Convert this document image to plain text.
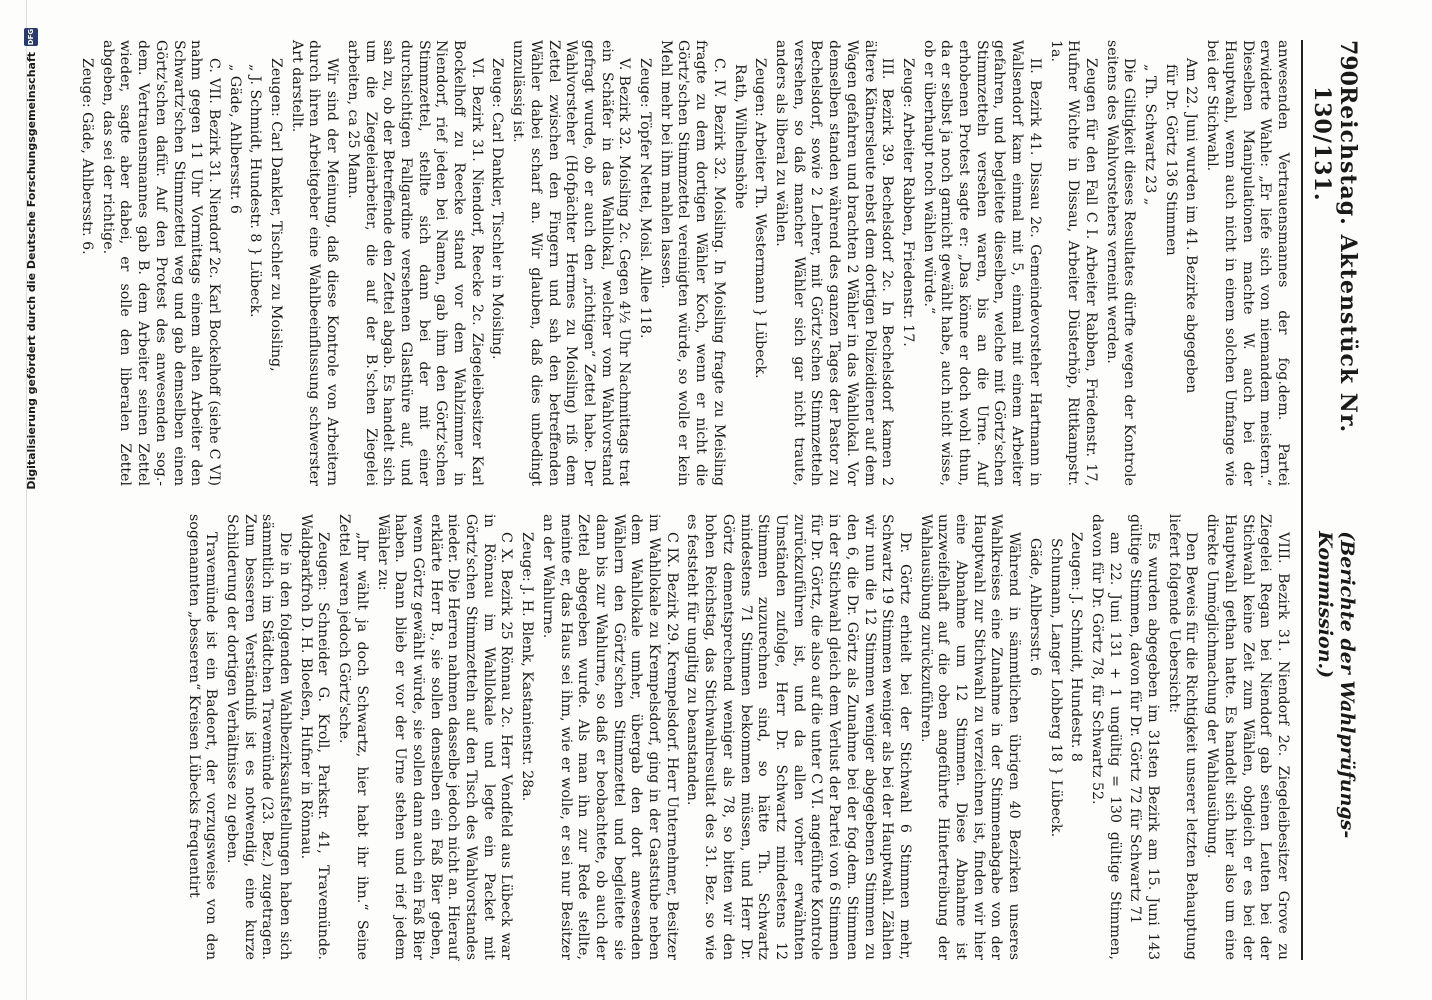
Digitalisierung gefördert durch die Deutsche Forschungsgemeinschaft
DFG
790
Reichstag. Aktenstück Nr. 130/131.
(Berichte der Wahlprüfungs-Kommission.)

anwesenden Vertrauensmannes der fog.dem. Partei erwiderte Wahle: „Er liefe sich von niemandem meistern.“ Dieselben Manipulationen machte W. auch bei der Hauptwahl, wenn auch nicht in einem solchen Umfange wie bei der Stichwahl.

Am 22. Juni wurden im 41. Bezirke abgegeben

für Dr. Görtz 136 Stimmen

„ Th. Schwartz 23 „

Die Giltigkeit dieses Resultates dürfte wegen der Kontrole seitens des Wahlvorstehers verneint werden.

Zeugen für den Fall C I. Arbeiter Rabben, Friedenstr. 17, Hufner Wichte in Dissau, Arbeiter Düsterhöp, Rittkampstr. 1a.

II. Bezirk 41. Dissau 2c. Gemeindevorsteher Hartmann in Wallsendorf kam einmal mit 5, einmal mit einem Arbeiter gefahren, und begleitete dieselben, welche mit Görtz'schen Stimmzetteln versehen waren, bis an die Urne. Auf erhobenen Protest sagte er: „Das könne er doch wohl thun, da er selbst ja noch garnicht gewählt habe, auch nicht wisse, ob er überhaupt noch wählen würde.“

Zeuge: Arbeiter Rabben, Friedenstr. 17.

III. Bezirk 39. Bechelsdorf 2c. In Bechelsdorf kamen 2 ältere Kätnersleute nebst dem dortigen Polizeidiener auf dem Wagen gefahren und brachten 2 Wähler in das Wahllokal. Vor demselben standen während des ganzen Tages der Pastor zu Bechelsdorf, sowie 2 Lehrer, mit Görtz'schen Stimmzetteln versehen, so daß mancher Wähler sich gar nicht traute, anders als liberal zu wählen.

Zeugen: Arbeiter Th. Westermann } Lübeck.

Rath, Wilhelmshöhe

C. IV. Bezirk 32. Moisling. In Moisling fragte zu Meisling fragte zu dem dortigen Wähler Koch, wenn er nicht die Görtz'schen Stimmzettel vereinigten würde, so wolle er kein Mehl mehr bei ihm mahlen lassen.

Zeuge: Töpfer Nettel, Moisl. Allee 118.

V. Bezirk 32. Moisling 2c. Gegen 4½ Uhr Nachmittags trat ein Schäfer in das Wahllokal, welcher vom Wahlvorstand gefragt wurde, ob er auch den „richtigen“ Zettel habe. Der Wahlvorsteher (Hofpächter Hermes zu Moisling) riß dem Zettel zwischen den Fingern und sah den betreffenden Wähler dabei scharf an. Wir glauben, daß dies unbedingt unzulässig ist.

Zeuge: Carl Dankler, Tischler in Moisling.

VI. Bezirk 31. Niendorf, Reecke 2c. Ziegeleibesitzer Karl Bockelhoff zu Reecke stand vor dem Wahlzimmer in Niendorf, rief jeden bei Namen, gab ihm den Görtz'schen Stimmzettel, stellte sich dann bei der mit einer durchsichtigen Fallgardine versehenen Glasthüre auf, und sah zu, ob der Betreffende den Zettel abgab. Es handelt sich um die Ziegeleiarbeiter, die auf der B.'schen Ziegelei arbeiten, ca 25 Mann.

Wir sind der Meinung, daß diese Kontrole von Arbeitern durch ihren Arbeitgeber eine Wahlbeeinflussung schwerster Art darstellt.

Zeugen: Carl Dankler, Tischler zu Moisling,

„ J. Schmidt, Hundestr. 8 } Lübeck.

„ Gäde, Ahlbersstr. 6

C. VII. Bezirk 31. Niendorf 2c. Karl Bockelhoff (siehe C VI) nahm gegen 11 Uhr Vormittags einem alten Arbeiter den Schwartz'schen Stimmzettel weg und gab demselben einen Görtz'schen dafür. Auf den Protest des anwesenden sog.-dem. Vertrauensmannes gab B. dem Arbeiter seinen Zettel wieder, sagte aber dabei, er solle den liberalen Zettel abgeben, das sei der richtige.

Zeuge: Gäde, Ahlbersstr. 6.

VIII. Bezirk 31. Niendorf 2c. Ziegeleibesitzer Grove zu Ziegelei Regan bei Niendorf gab seinen Leuten bei der Stichwahl keine Zeit zum Wählen, obgleich er es bei der Hauptwahl gethan hatte. Es handelt sich hier also um eine direkte Unmöglichmachung der Wahlausübung.

Den Beweis für die Richtigkeit unserer letzten Behauptung liefert folgende Uebersicht:

Es wurden abgegeben im 31sten Bezirk am 15. Juni 143 gültige Stimmen, davon für Dr. Görtz 72 für Schwartz 71

am 22. Juni 131 + 1 ungültig = 130 gültige Stimmen, davon für Dr. Görtz 78, für Schwartz 52.

Zeugen: J. Schmidt, Hundestr. 8

Schumann, Langer Lohberg 18 } Lübeck.

Gäde, Ahlbersstr. 6

Während in sämmtlichen übrigen 40 Bezirken unseres Wahlkreises eine Zunahme in der Stimmenabgabe von der Hauptwahl zur Stichwahl zu verzeichnen ist, finden wir hier eine Abnahme um 12 Stimmen. Diese Abnahme ist unzweifelhaft auf die oben angeführte Hintertreibung der Wahlausübung zurückzuführen.

Dr. Görtz erhielt bei der Stichwahl 6 Stimmen mehr, Schwartz 19 Stimmen weniger als bei der Hauptwahl. Zählen wir nun die 12 Stimmen weniger abgegebenen Stimmen zu den 6, die Dr. Görtz als Zunahme bei der fog.dem. Stimmen in der Stichwahl gleich dem Verlust der Partei von 6 Stimmen für Dr. Görtz, die also auf die unter C VI. angeführte Kontrole zurückzuführen ist, und da allen vorher erwähnten Umständen zufolge, Herr Dr. Schwartz mindestens 12 Stimmen zuzurechnen sind, so hätte Th. Schwartz mindestens 71 Stimmen bekommen müssen, und Herr Dr. Görtz dementsprechend weniger als 78, so bitten wir den hohen Reichstag, das Stichwahlresultat des 31. Bez. so wie es feststeht für ungiltig zu beanstanden.

C IX. Bezirk 29. Krempelsdorf. Herr Unternehmer, Besitzer im Wahllokale zu Krempelsdorf, ging in der Gaststube neben dem Wahllokale umher, übergab den dort anwesenden Wählern den Görtz'schen Stimmzettel und begleitete sie dann bis zur Wahlurne, so daß er beobachtete, ob auch der Zettel abgegeben wurde. Als man ihn zur Rede stellte, meinte er, das Haus sei ihm, wie er wolle, er sei nur Besitzer an der Wahlurne.

Zeuge: J. H. Blenk, Kastanienstr. 28a.

C X. Bezirk 25 Rönnau 2c. Herr Vendfeld aus Lübeck war in Rönnau im Wahllokale und legte ein Packet mit Görtz'schen Stimmzetteln auf den Tisch des Wahlvorstandes nieder. Die Herren nahmen dasselbe jedoch nicht an. Hierauf erklärte Herr B., sie sollen denselben ein Faß Bier geben, wenn Görtz gewählt würde, sie sollen dann auch ein Faß Bier haben. Dann blieb er vor der Urne stehen und rief jedem Wähler zu:

„Ihr wählt ja doch Schwartz, hier habt ihr ihn.“ Seine Zettel waren jedoch Görtz'sche.

Zeugen: Schneider G. Kroll, Parkstr. 41, Travemünde. Waldparkfroh D. H. Bloeßen, Hufner in Rönnau.

Die in den folgenden Wahlbezirksaufstellungen haben sich sämmtlich im Städtchen Travemünde (23. Bez.) zugetragen. Zum besseren Verständniß ist es notwendig, eine kurze Schilderung der dortigen Verhältnisse zu geben.

Travemünde ist ein Badeort, der vorzugsweise von den sogenannten „besseren“ Kreisen Lübecks frequentirt
